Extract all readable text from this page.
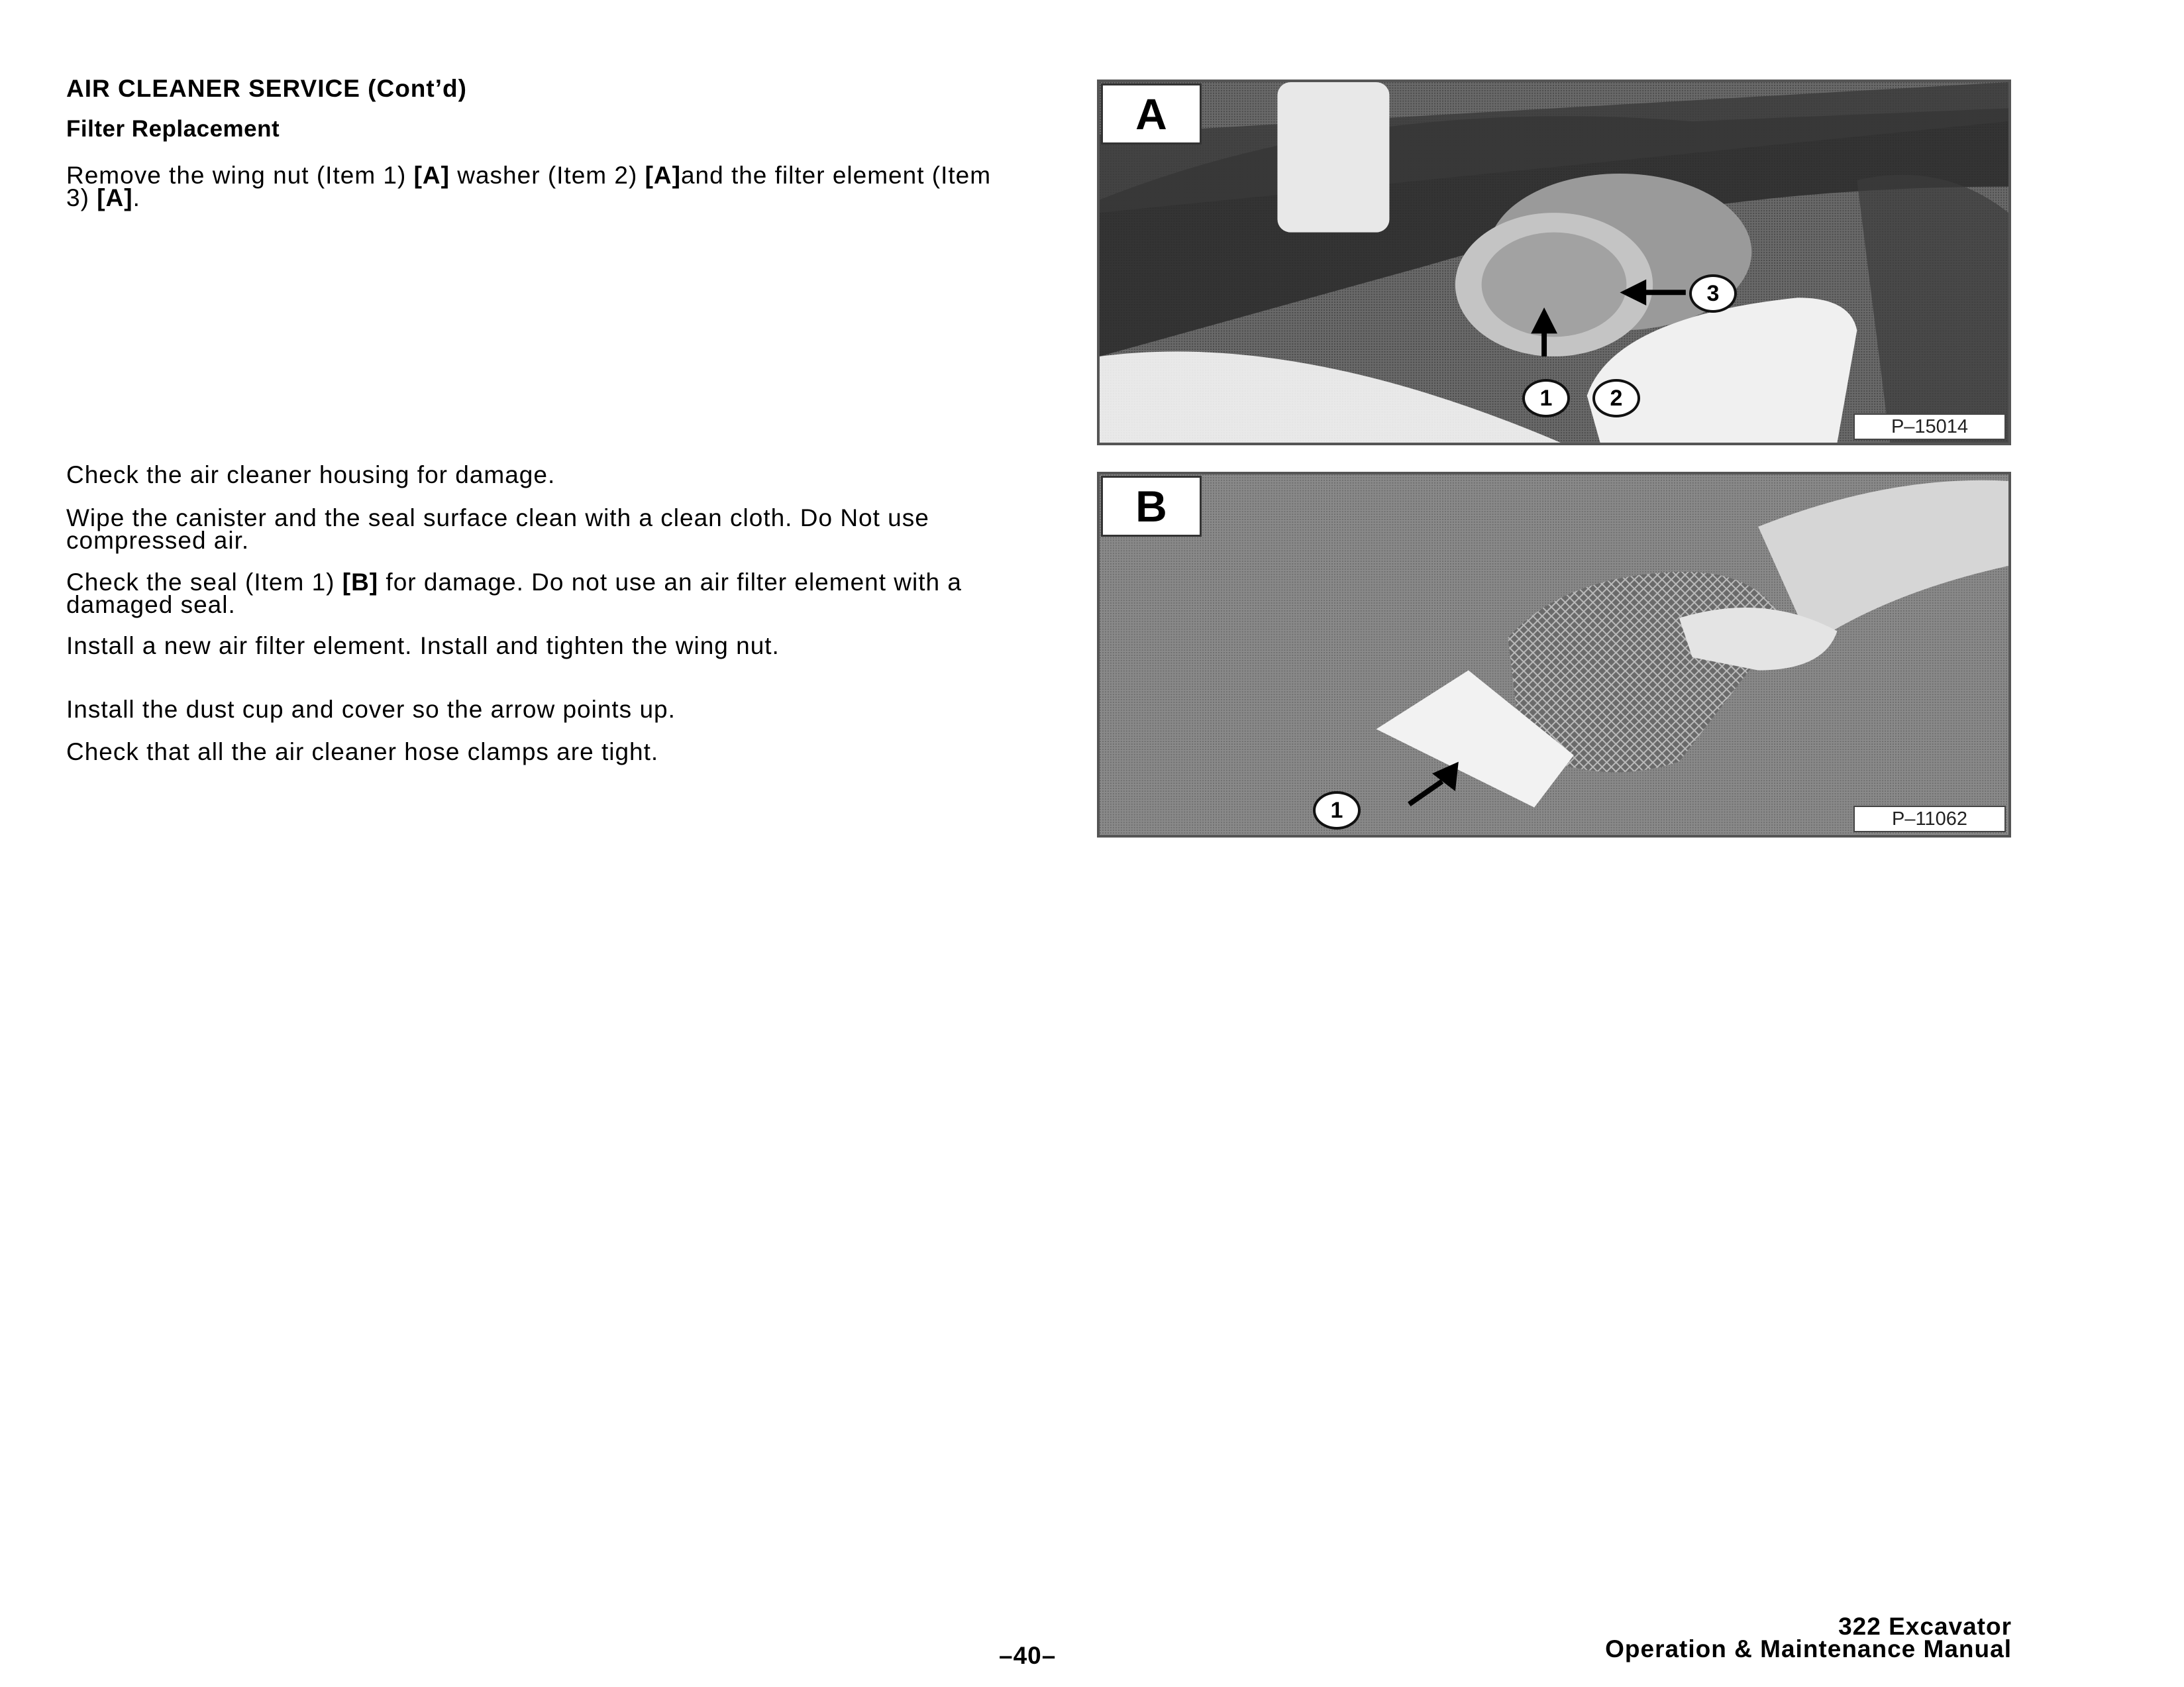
AIR CLEANER SERVICE (Cont’d)

Filter Replacement

Remove the wing nut (Item 1) [A] washer (Item 2) [A]and the filter element (Item 3) [A].

Check the air cleaner housing for damage.

Wipe the canister and the seal surface clean with a clean cloth. Do Not use compressed air.

Check the seal (Item 1) [B] for damage. Do not use an air filter element with a damaged seal.

Install a new air filter element. Install and tighten the wing nut.

Install the dust cup and cover so the arrow points up.

Check that all the air cleaner hose clamps are tight.

A
P–15014
1	2
3
B
P–11062
1
–40–
322 Excavator
Operation & Maintenance Manual
